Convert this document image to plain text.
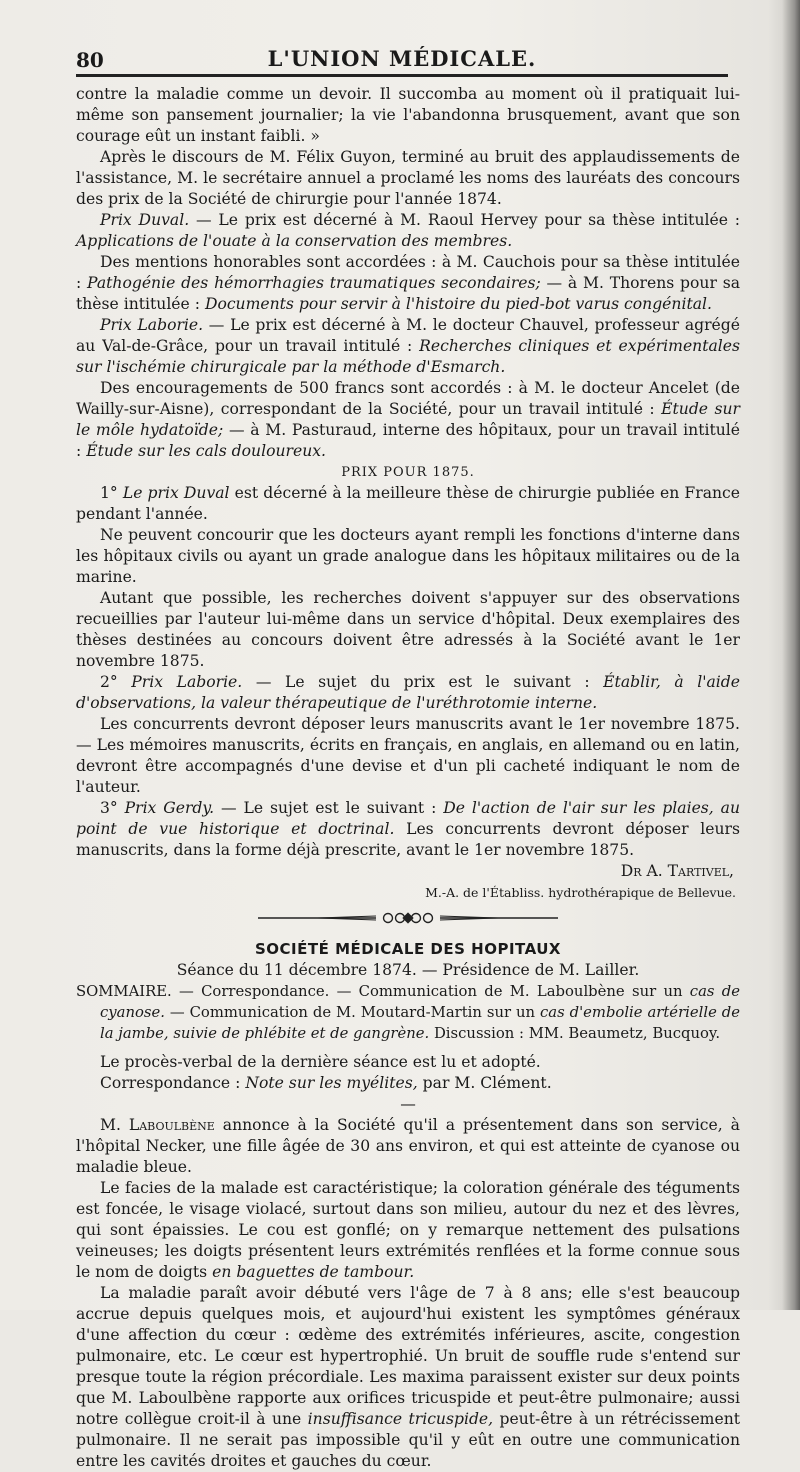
80	L'UNION MÉDICALE.

contre la maladie comme un devoir. Il succomba au moment où il pratiquait lui-même son pansement journalier; la vie l'abandonna brusquement, avant que son courage eût un instant faibli. »

Après le discours de M. Félix Guyon, terminé au bruit des applaudissements de l'assistance, M. le secrétaire annuel a proclamé les noms des lauréats des concours des prix de la Société de chirurgie pour l'année 1874.

Prix Duval. — Le prix est décerné à M. Raoul Hervey pour sa thèse intitulée : Applications de l'ouate à la conservation des membres.

Des mentions honorables sont accordées : à M. Cauchois pour sa thèse intitulée : Pathogénie des hémorrhagies traumatiques secondaires; — à M. Thorens pour sa thèse intitulée : Documents pour servir à l'histoire du pied-bot varus congénital.

Prix Laborie. — Le prix est décerné à M. le docteur Chauvel, professeur agrégé au Val-de-Grâce, pour un travail intitulé : Recherches cliniques et expérimentales sur l'ischémie chirurgicale par la méthode d'Esmarch.

Des encouragements de 500 francs sont accordés : à M. le docteur Ancelet (de Wailly-sur-Aisne), correspondant de la Société, pour un travail intitulé : Étude sur le môle hydatoïde; — à M. Pasturaud, interne des hôpitaux, pour un travail intitulé : Étude sur les cals douloureux.

PRIX POUR 1875.

1° Le prix Duval est décerné à la meilleure thèse de chirurgie publiée en France pendant l'année.

Ne peuvent concourir que les docteurs ayant rempli les fonctions d'interne dans les hôpitaux civils ou ayant un grade analogue dans les hôpitaux militaires ou de la marine.

Autant que possible, les recherches doivent s'appuyer sur des observations recueillies par l'auteur lui-même dans un service d'hôpital. Deux exemplaires des thèses destinées au concours doivent être adressés à la Société avant le 1er novembre 1875.

2° Prix Laborie. — Le sujet du prix est le suivant : Établir, à l'aide d'observations, la valeur thérapeutique de l'uréthrotomie interne.

Les concurrents devront déposer leurs manuscrits avant le 1er novembre 1875. — Les mémoires manuscrits, écrits en français, en anglais, en allemand ou en latin, devront être accompagnés d'une devise et d'un pli cacheté indiquant le nom de l'auteur.

3° Prix Gerdy. — Le sujet est le suivant : De l'action de l'air sur les plaies, au point de vue historique et doctrinal. Les concurrents devront déposer leurs manuscrits, dans la forme déjà prescrite, avant le 1er novembre 1875.

Dr A. Tartivel,

M.-A. de l'Établiss. hydrothérapique de Bellevue.

SOCIÉTÉ MÉDICALE DES HOPITAUX

Séance du 11 décembre 1874. — Présidence de M. Lailler.

SOMMAIRE. — Correspondance. — Communication de M. Laboulbène sur un cas de cyanose. — Communication de M. Moutard-Martin sur un cas d'embolie artérielle de la jambe, suivie de phlébite et de gangrène. Discussion : MM. Beaumetz, Bucquoy.

Le procès-verbal de la dernière séance est lu et adopté.

Correspondance : Note sur les myélites, par M. Clément.

—

M. Laboulbène annonce à la Société qu'il a présentement dans son service, à l'hôpital Necker, une fille âgée de 30 ans environ, et qui est atteinte de cyanose ou maladie bleue.

Le facies de la malade est caractéristique; la coloration générale des téguments est foncée, le visage violacé, surtout dans son milieu, autour du nez et des lèvres, qui sont épaissies. Le cou est gonflé; on y remarque nettement des pulsations veineuses; les doigts présentent leurs extrémités renflées et la forme connue sous le nom de doigts en baguettes de tambour.

La maladie paraît avoir débuté vers l'âge de 7 à 8 ans; elle s'est beaucoup accrue depuis quelques mois, et aujourd'hui existent les symptômes généraux d'une affection du cœur : œdème des extrémités inférieures, ascite, congestion pulmonaire, etc. Le cœur est hypertrophié. Un bruit de souffle rude s'entend sur presque toute la région précordiale. Les maxima paraissent exister sur deux points que M. Laboulbène rapporte aux orifices tricuspide et peut-être pulmonaire; aussi notre collègue croit-il à une insuffisance tricuspide, peut-être à un rétrécissement pulmonaire. Il ne serait pas impossible qu'il y eût en outre une communication entre les cavités droites et gauches du cœur.
